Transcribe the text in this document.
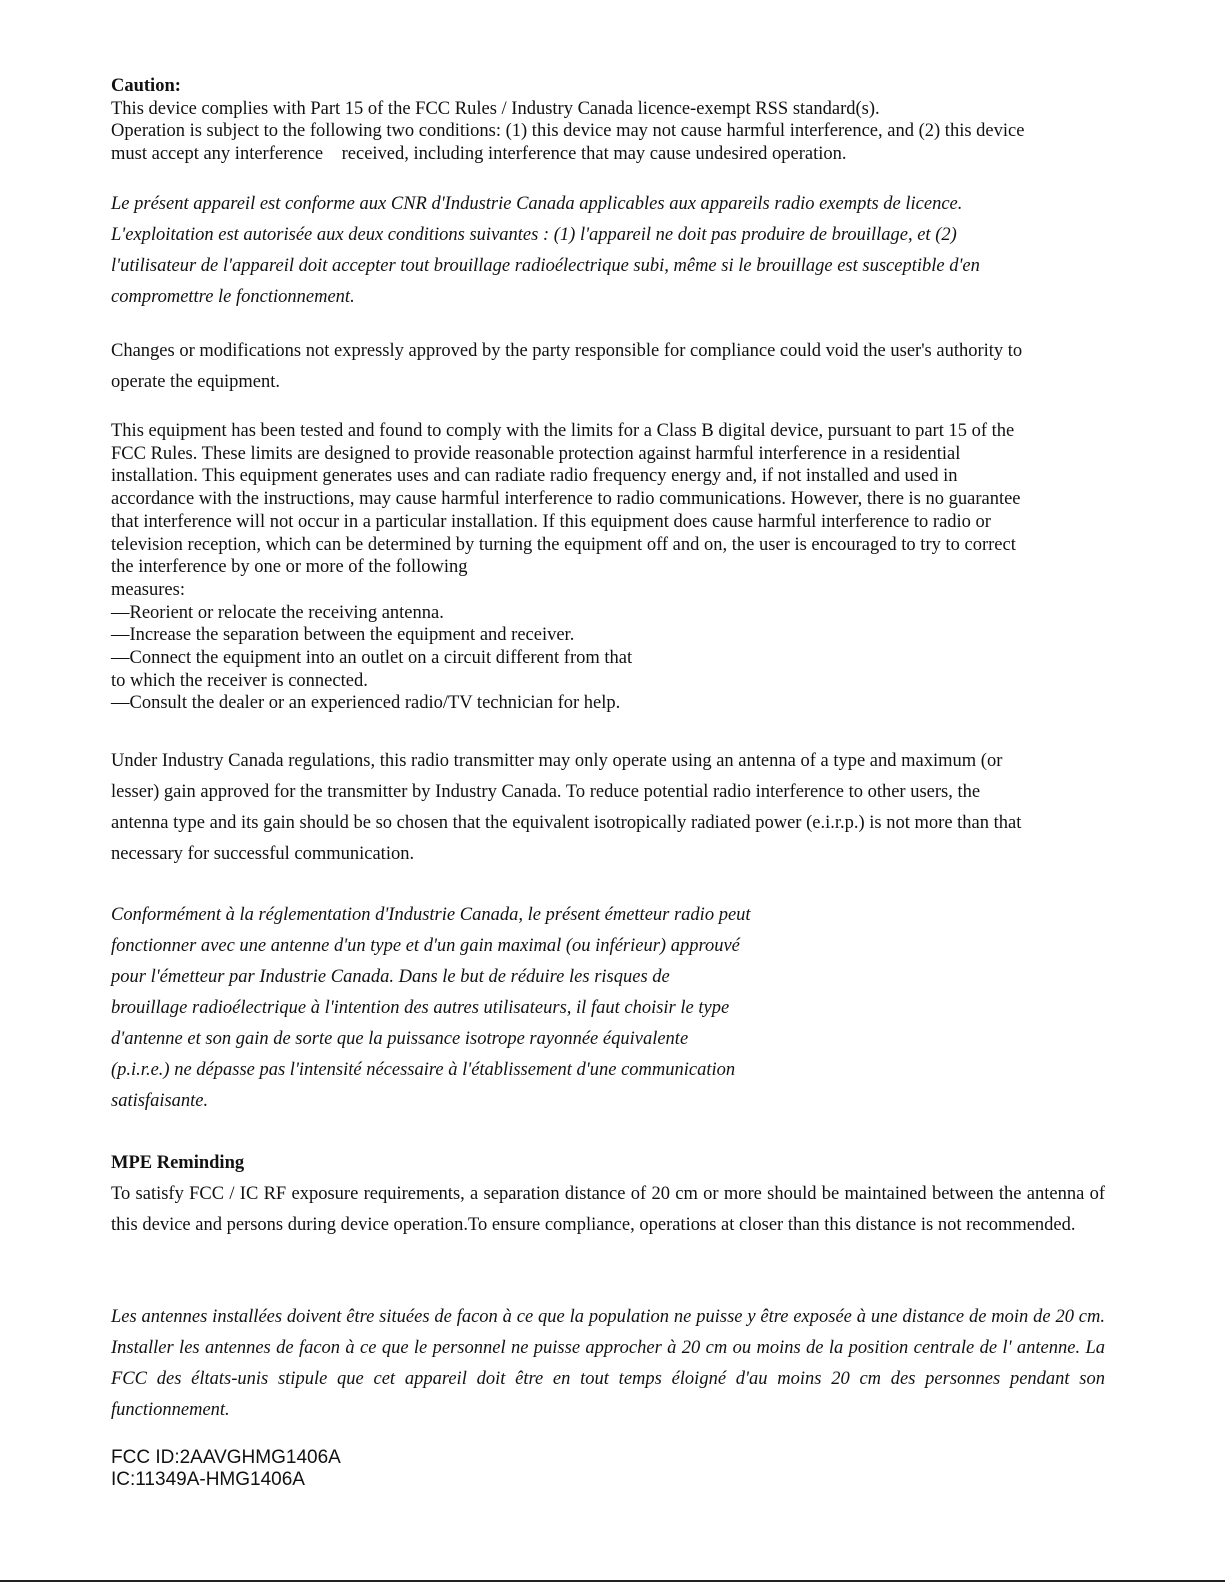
Caution:
This device complies with Part 15 of the FCC Rules / Industry Canada licence-exempt RSS standard(s).
Operation is subject to the following two conditions: (1) this device may not cause harmful interference, and (2) this device
must accept any interference    received, including interference that may cause undesired operation.
Le présent appareil est conforme aux CNR d'Industrie Canada applicables aux appareils radio exempts de licence.
L'exploitation est autorisée aux deux conditions suivantes : (1) l'appareil ne doit pas produire de brouillage, et (2)
l'utilisateur de l'appareil doit accepter tout brouillage radioélectrique subi, même si le brouillage est susceptible d'en
compromettre le fonctionnement.
Changes or modifications not expressly approved by the party responsible for compliance could void the user's authority to
operate the equipment.
This equipment has been tested and found to comply with the limits for a Class B digital device, pursuant to part 15 of the
FCC Rules. These limits are designed to provide reasonable protection against harmful interference in a residential
installation. This equipment generates uses and can radiate radio frequency energy and, if not installed and used in
accordance with the instructions, may cause harmful interference to radio communications. However, there is no guarantee
that interference will not occur in a particular installation. If this equipment does cause harmful interference to radio or
television reception, which can be determined by turning the equipment off and on, the user is encouraged to try to correct
the interference by one or more of the following
measures:
—Reorient or relocate the receiving antenna.
—Increase the separation between the equipment and receiver.
—Connect the equipment into an outlet on a circuit different from that
to which the receiver is connected.
—Consult the dealer or an experienced radio/TV technician for help.
Under Industry Canada regulations, this radio transmitter may only operate using an antenna of a type and maximum (or
lesser) gain approved for the transmitter by Industry Canada. To reduce potential radio interference to other users, the
antenna type and its gain should be so chosen that the equivalent isotropically radiated power (e.i.r.p.) is not more than that
necessary for successful communication.
Conformément à la réglementation d'Industrie Canada, le présent émetteur radio peut
fonctionner avec une antenne d'un type et d'un gain maximal (ou inférieur) approuvé
pour l'émetteur par Industrie Canada. Dans le but de réduire les risques de
brouillage radioélectrique à l'intention des autres utilisateurs, il faut choisir le type
d'antenne et son gain de sorte que la puissance isotrope rayonnée équivalente
(p.i.r.e.) ne dépasse pas l'intensité nécessaire à l'établissement d'une communication
satisfaisante.
MPE Reminding
To satisfy FCC / IC RF exposure requirements, a separation distance of 20 cm or more should be maintained between the antenna of this device and persons during device operation.To ensure compliance, operations at closer than this distance is not recommended.
Les antennes installées doivent être situées de facon à ce que la population ne puisse y être exposée à une distance de moin de 20 cm. Installer les antennes de facon à ce que le personnel ne puisse approcher à 20 cm ou moins de la position centrale de l' antenne. La FCC des éltats-unis stipule que cet appareil doit être en tout temps éloigné d'au moins 20 cm des personnes pendant son functionnement.
FCC ID:2AAVGHMG1406A
IC:11349A-HMG1406A
